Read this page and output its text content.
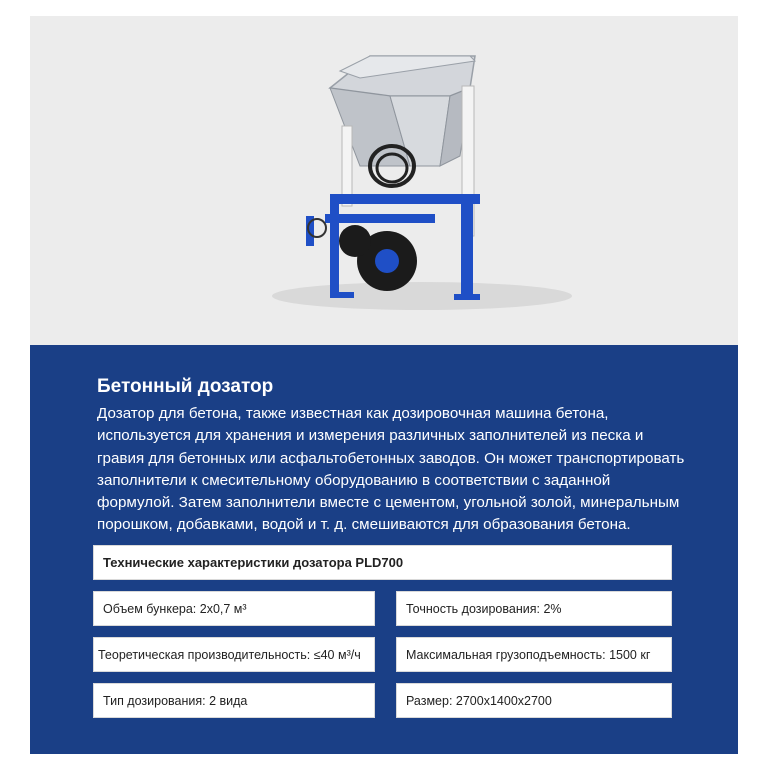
Бетонный дозатор
Дозатор для бетона, также известная как дозировочная машина бетона,
используется для хранения и измерения различных заполнителей из песка и
гравия для бетонных или асфальтобетонных заводов. Он может транспортировать
заполнители к смесительному оборудованию в соответствии с заданной
формулой. Затем заполнители вместе с цементом, угольной золой, минеральным
порошком, добавками, водой и т. д. смешиваются для образования бетона.
Технические характеристики дозатора PLD700
Объем бункера: 2x0,7 м³	Точность дозирования: 2%
Теоретическая производительность: ≤40 м³/ч	Максимальная грузоподъемность: 1500 кг
Тип дозирования: 2 вида	Размер: 2700x1400x2700
